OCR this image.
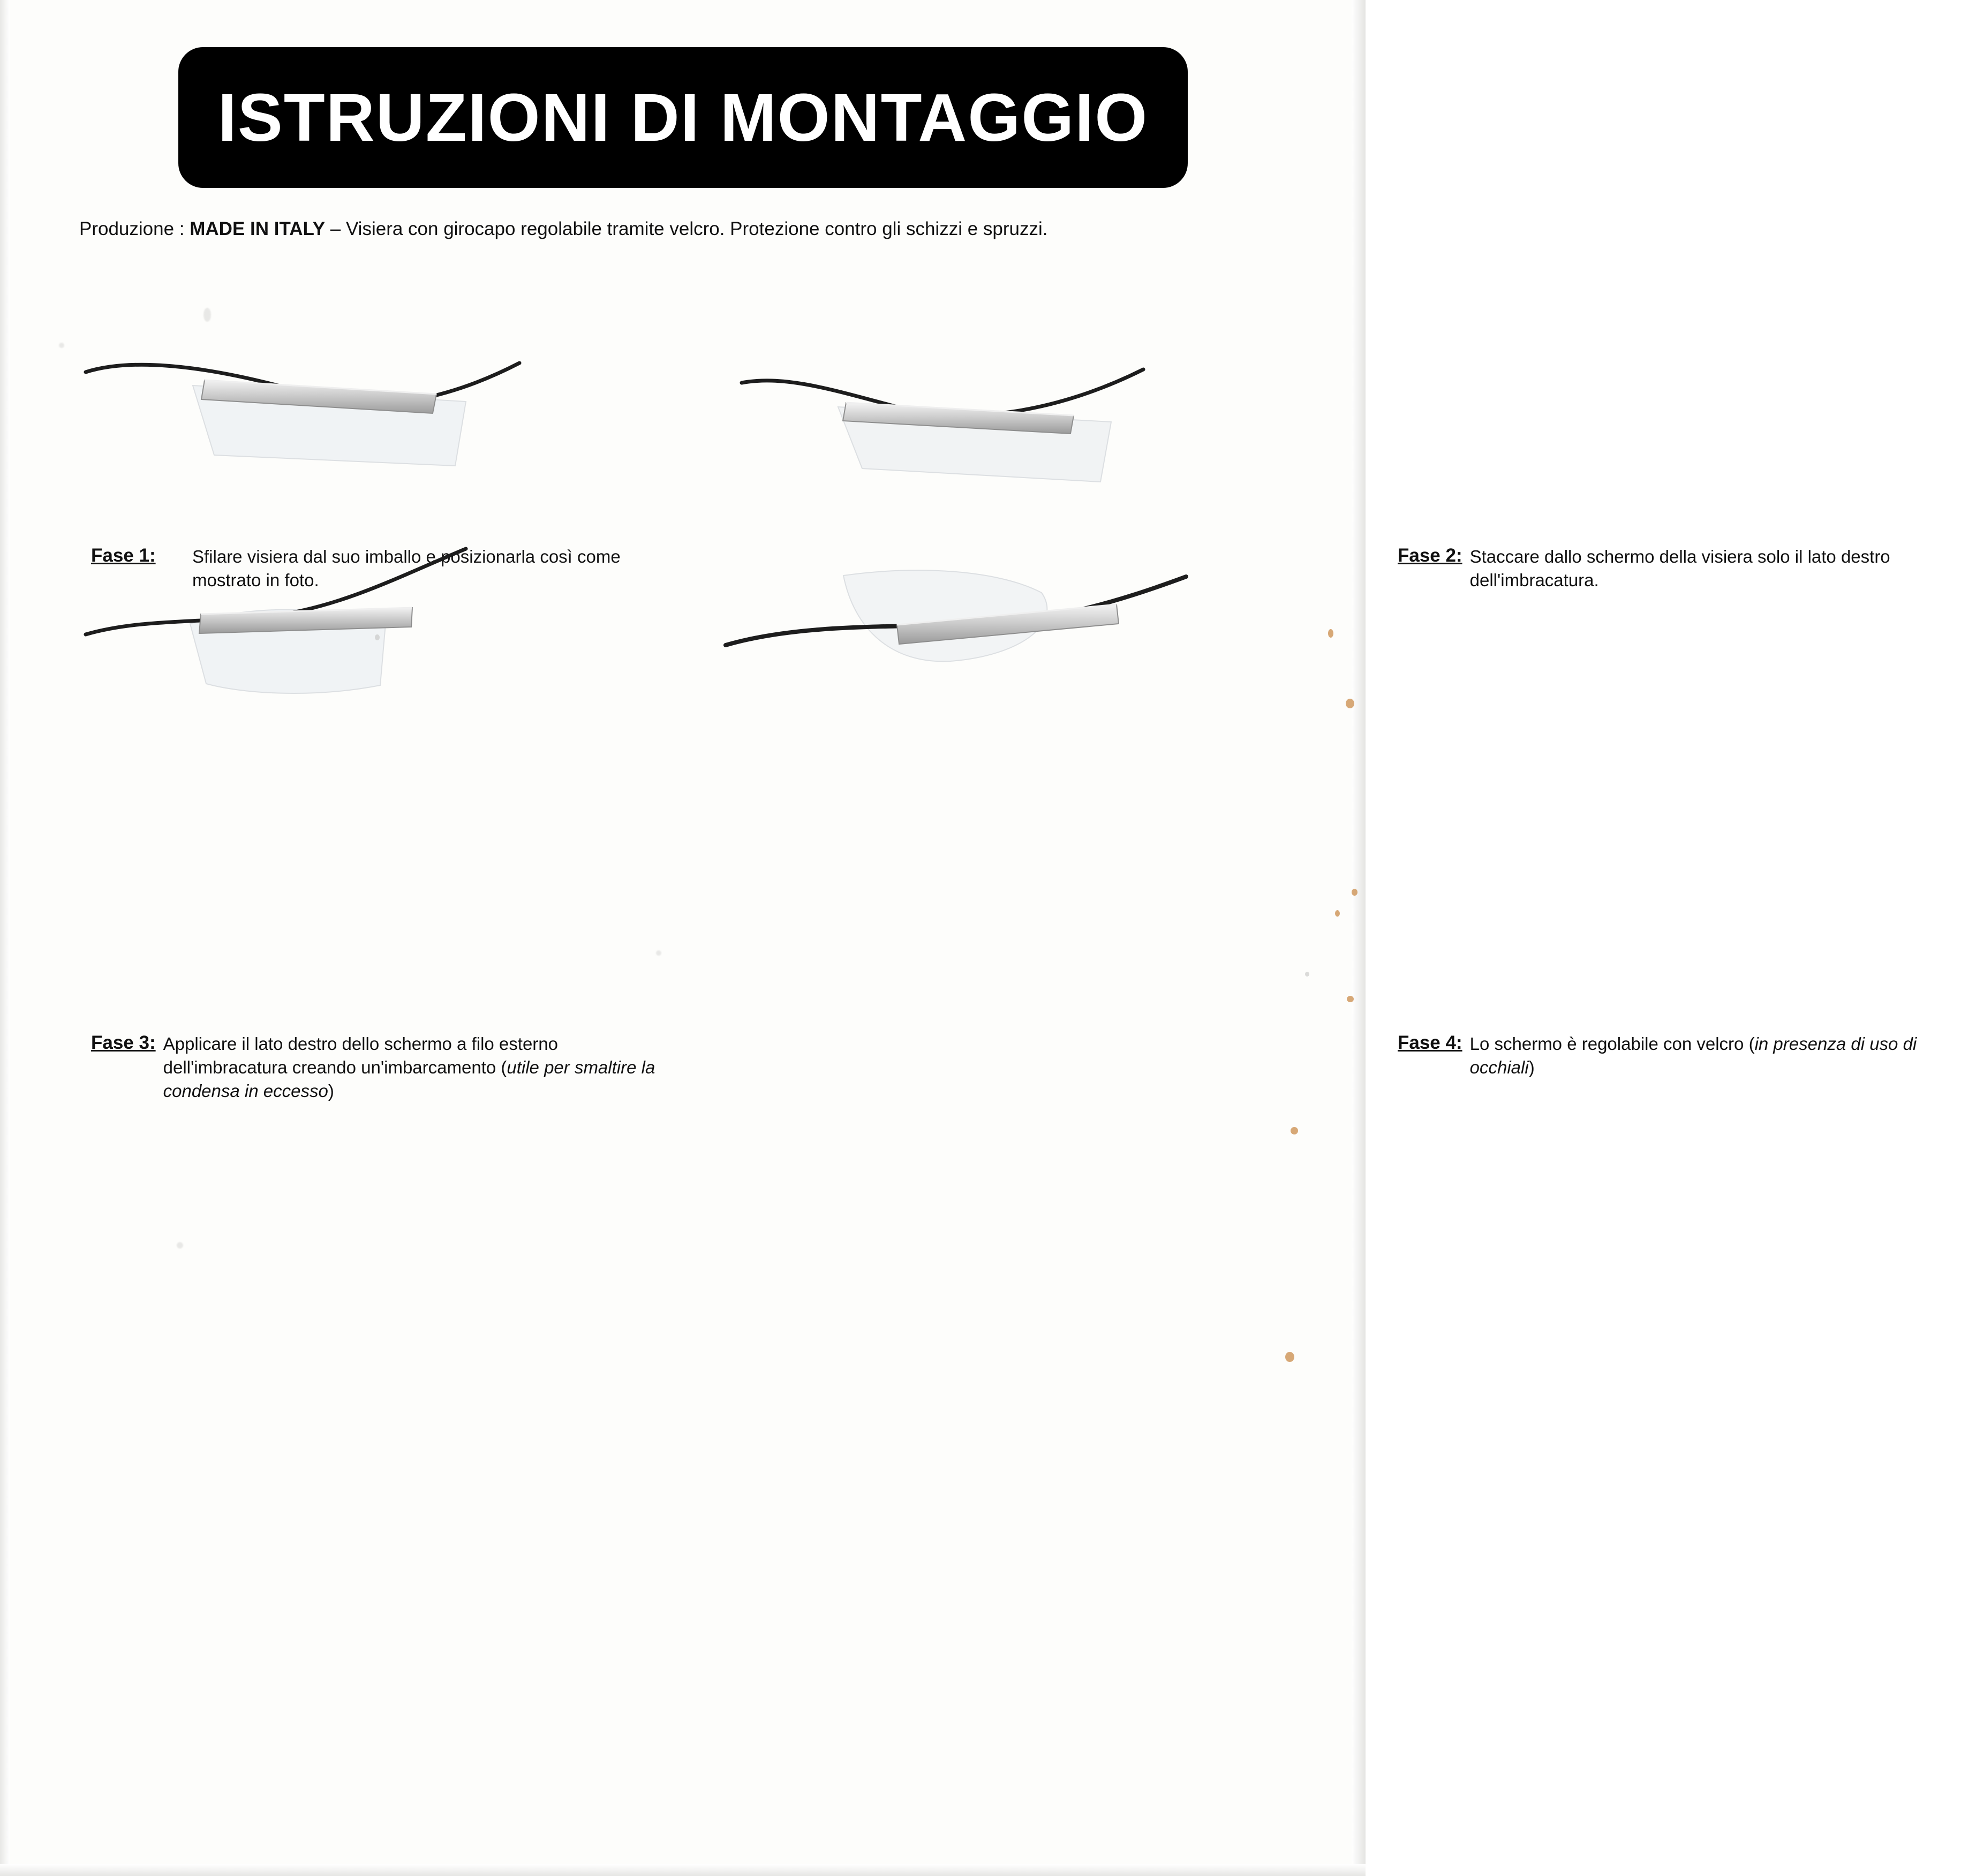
ISTRUZIONI DI MONTAGGIO
Produzione : MADE IN ITALY – Visiera con girocapo regolabile tramite velcro. Protezione contro gli schizzi e spruzzi.
Fase 1:	Sfilare visiera dal suo imballo e posizionarla così come mostrato in foto.
Fase 2: Staccare dallo schermo della visiera solo il lato destro dell'imbracatura.
Fase 3: Applicare il lato destro dello schermo a filo esterno dell'imbracatura creando un'imbarcamento (utile per smaltire la condensa in eccesso)
Fase 4: Lo schermo è regolabile con velcro (in presenza di uso di occhiali)
